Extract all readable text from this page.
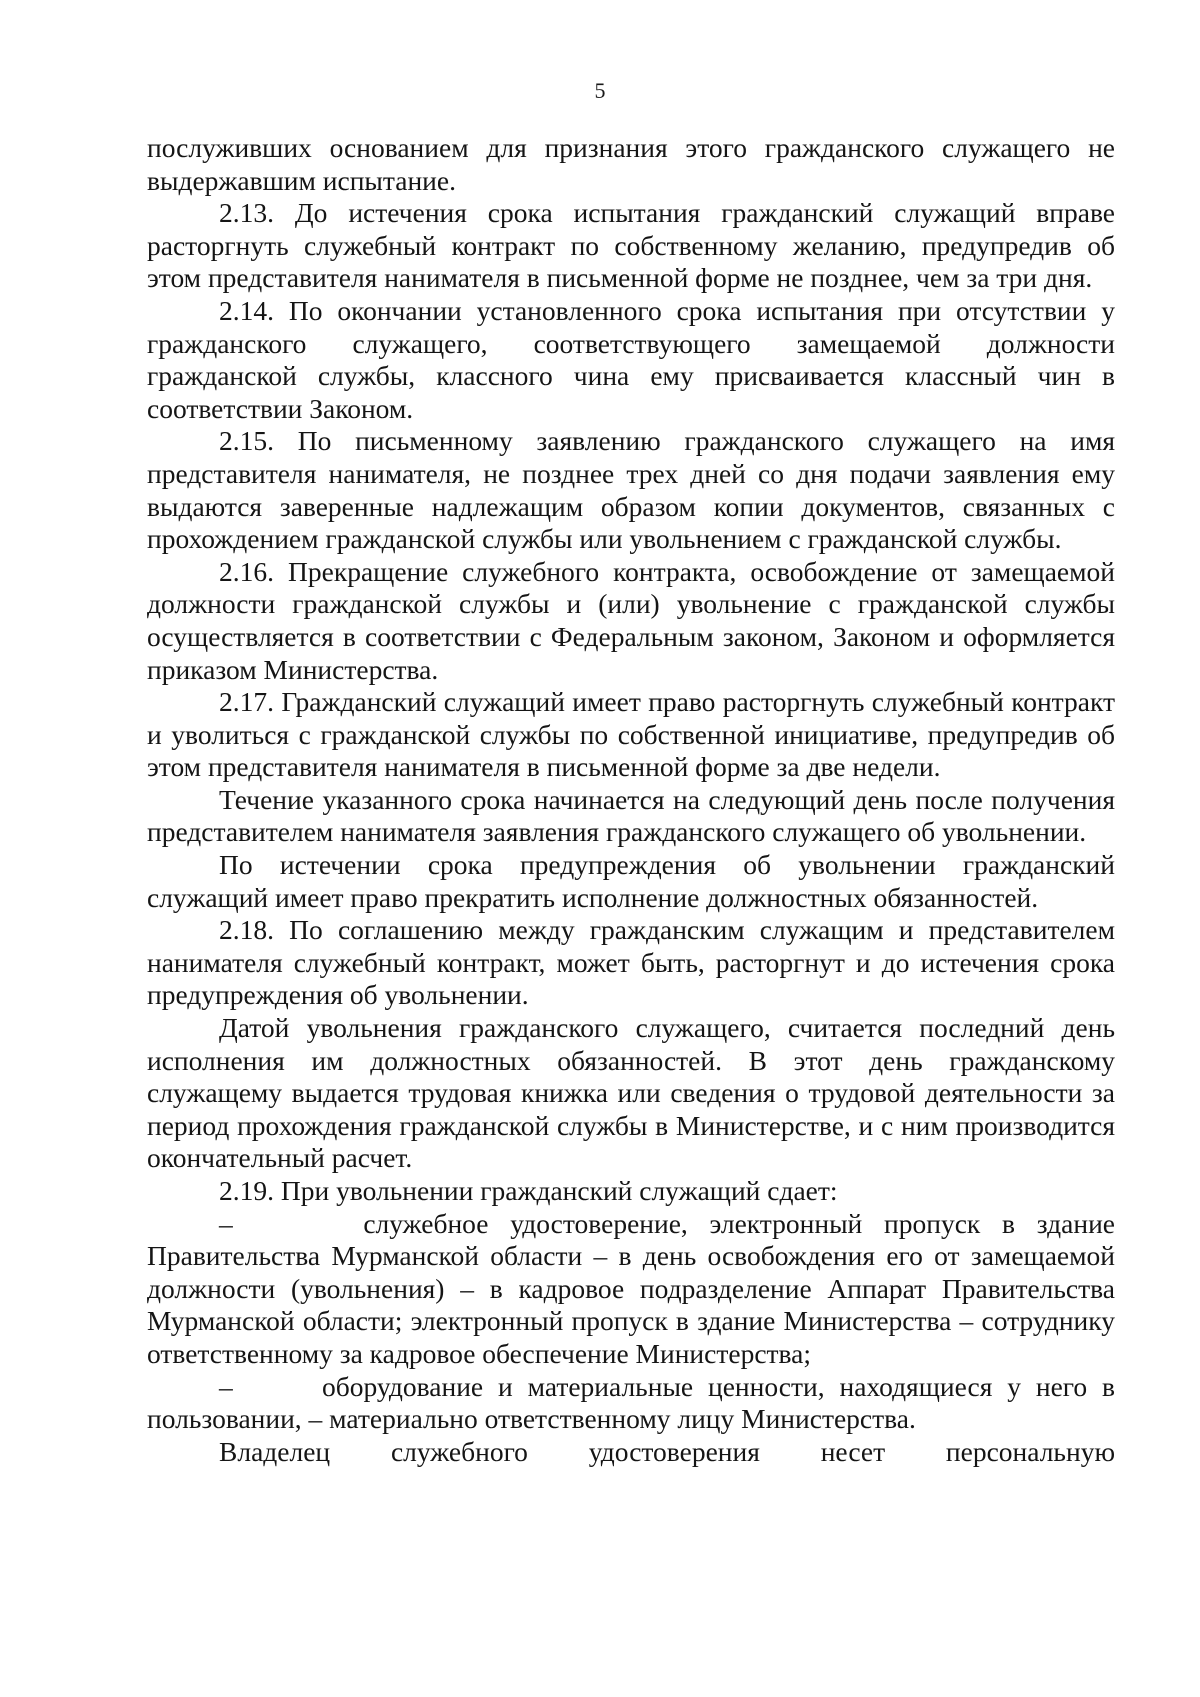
5

послуживших основанием для признания этого гражданского служащего не выдержавшим испытание.

2.13. До истечения срока испытания гражданский служащий вправе расторгнуть служебный контракт по собственному желанию, предупредив об этом представителя нанимателя в письменной форме не позднее, чем за три дня.

2.14. По окончании установленного срока испытания при отсутствии у гражданского служащего, соответствующего замещаемой должности гражданской службы, классного чина ему присваивается классный чин в соответствии Законом.

2.15. По письменному заявлению гражданского служащего на имя представителя нанимателя, не позднее трех дней со дня подачи заявления ему выдаются заверенные надлежащим образом копии документов, связанных с прохождением гражданской службы или увольнением с гражданской службы.

2.16. Прекращение служебного контракта, освобождение от замещаемой должности гражданской службы и (или) увольнение с гражданской службы осуществляется в соответствии с Федеральным законом, Законом и оформляется приказом Министерства.

2.17. Гражданский служащий имеет право расторгнуть служебный контракт и уволиться с гражданской службы по собственной инициативе, предупредив об этом представителя нанимателя в письменной форме за две недели.

Течение указанного срока начинается на следующий день после получения представителем нанимателя заявления гражданского служащего об увольнении.

По истечении срока предупреждения об увольнении гражданский служащий имеет право прекратить исполнение должностных обязанностей.

2.18. По соглашению между гражданским служащим и представителем нанимателя служебный контракт, может быть, расторгнут и до истечения срока предупреждения об увольнении.

Датой увольнения гражданского служащего, считается последний день исполнения им должностных обязанностей. В этот день гражданскому служащему выдается трудовая книжка или сведения о трудовой деятельности за период прохождения гражданской службы в Министерстве, и с ним производится окончательный расчет.

2.19. При увольнении гражданский служащий сдает:

–      служебное удостоверение, электронный пропуск в здание Правительства Мурманской области – в день освобождения его от замещаемой должности (увольнения) – в кадровое подразделение Аппарат Правительства Мурманской области; электронный пропуск в здание Министерства – сотруднику ответственному за кадровое обеспечение Министерства;

–      оборудование и материальные ценности, находящиеся у него в пользовании, – материально ответственному лицу Министерства.

Владелец служебного удостоверения несет персональную
